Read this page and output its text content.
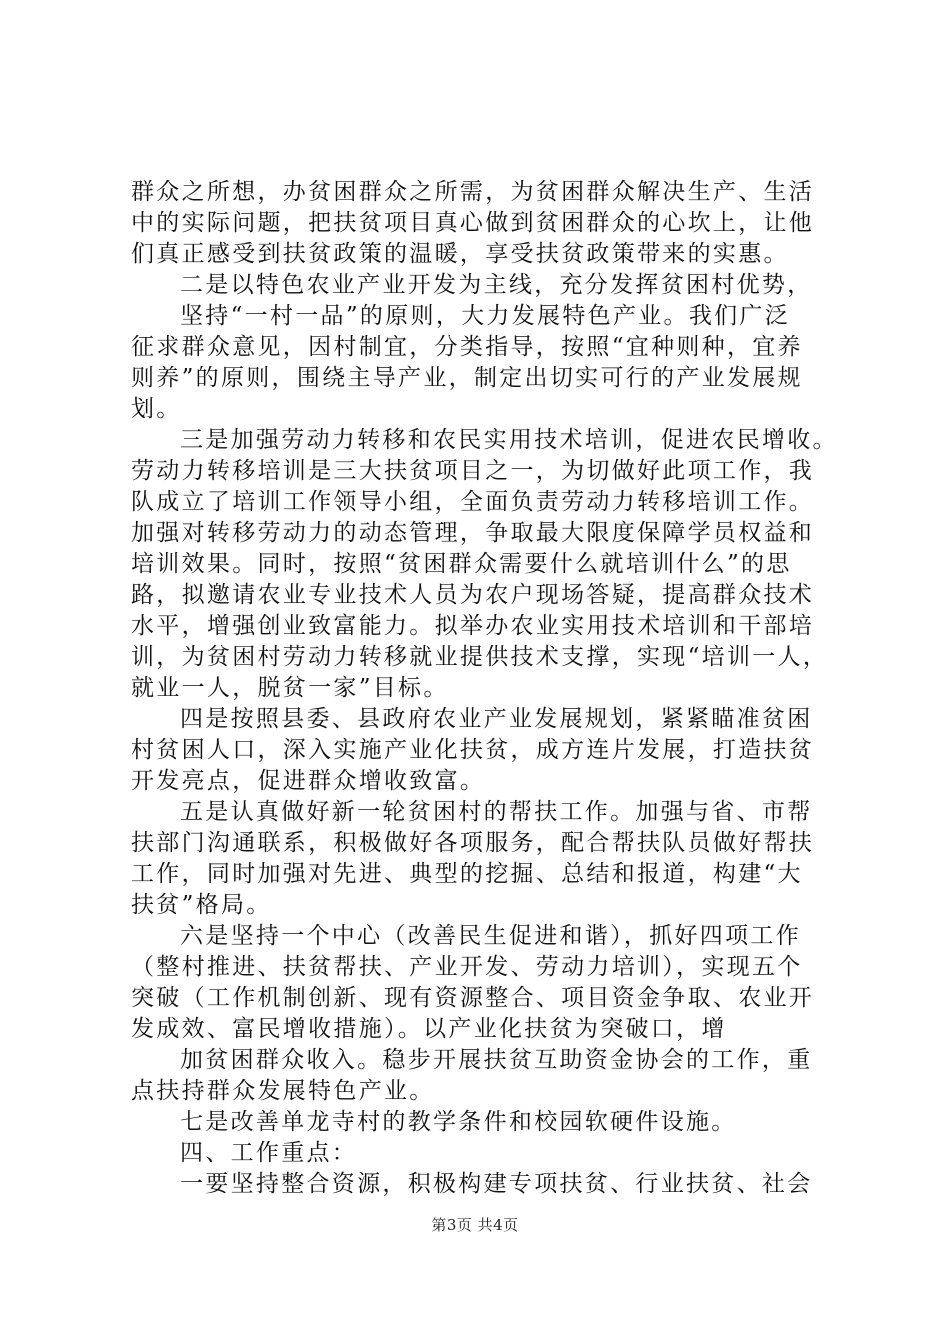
群众之所想，办贫困群众之所需，为贫困群众解决生产、生活
中的实际问题，把扶贫项目真心做到贫困群众的心坎上，让他
们真正感受到扶贫政策的温暖，享受扶贫政策带来的实惠。
二是以特色农业产业开发为主线，充分发挥贫困村优势，
坚持“一村一品”的原则，大力发展特色产业。我们广泛
征求群众意见，因村制宜，分类指导，按照“宜种则种，宜养
则养”的原则，围绕主导产业，制定出切实可行的产业发展规
划。
三是加强劳动力转移和农民实用技术培训，促进农民增收。
劳动力转移培训是三大扶贫项目之一，为切做好此项工作，我
队成立了培训工作领导小组，全面负责劳动力转移培训工作。
加强对转移劳动力的动态管理，争取最大限度保障学员权益和
培训效果。同时，按照“贫困群众需要什么就培训什么”的思
路，拟邀请农业专业技术人员为农户现场答疑，提高群众技术
水平，增强创业致富能力。拟举办农业实用技术培训和干部培
训，为贫困村劳动力转移就业提供技术支撑，实现“培训一人，
就业一人，脱贫一家”目标。
四是按照县委、县政府农业产业发展规划，紧紧瞄准贫困
村贫困人口，深入实施产业化扶贫，成方连片发展，打造扶贫
开发亮点，促进群众增收致富。
五是认真做好新一轮贫困村的帮扶工作。加强与省、市帮
扶部门沟通联系，积极做好各项服务，配合帮扶队员做好帮扶
工作，同时加强对先进、典型的挖掘、总结和报道，构建“大
扶贫”格局。
六是坚持一个中心（改善民生促进和谐），抓好四项工作
（整村推进、扶贫帮扶、产业开发、劳动力培训），实现五个
突破（工作机制创新、现有资源整合、项目资金争取、农业开
发成效、富民增收措施）。以产业化扶贫为突破口，增
加贫困群众收入。稳步开展扶贫互助资金协会的工作，重
点扶持群众发展特色产业。
七是改善单龙寺村的教学条件和校园软硬件设施。
四、工作重点：
一要坚持整合资源，积极构建专项扶贫、行业扶贫、社会
第3页 共4页
